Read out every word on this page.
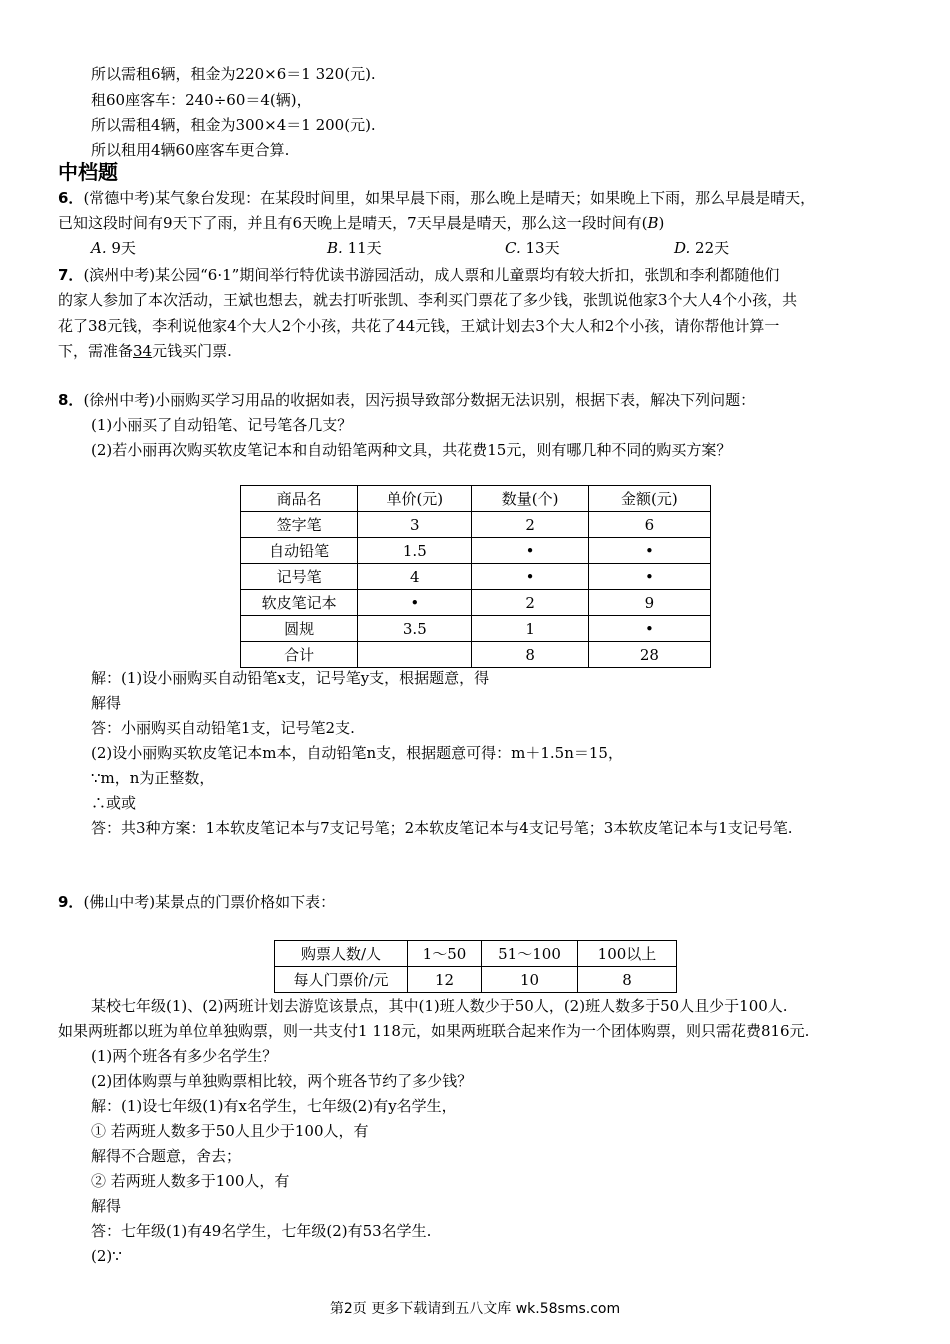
所以需租6辆，租金为220×6＝1 320(元).
租60座客车：240÷60＝4(辆)，
所以需租4辆，租金为300×4＝1 200(元).
所以租用4辆60座客车更合算.
中档题
6．(常德中考)某气象台发现：在某段时间里，如果早晨下雨，那么晚上是晴天；如果晚上下雨，那么早晨是晴天，
已知这段时间有9天下了雨，并且有6天晚上是晴天，7天早晨是晴天，那么这一段时间有(B)
A. 9天	B. 11天	C. 13天	D. 22天
7．(滨州中考)某公园“6·1”期间举行特优读书游园活动，成人票和儿童票均有较大折扣，张凯和李利都随他们
的家人参加了本次活动，王斌也想去，就去打听张凯、李利买门票花了多少钱，张凯说他家3个大人4个小孩，共
花了38元钱，李利说他家4个大人2个小孩，共花了44元钱，王斌计划去3个大人和2个小孩，请你帮他计算一
下，需准备34元钱买门票.
8．(徐州中考)小丽购买学习用品的收据如表，因污损导致部分数据无法识别，根据下表，解决下列问题：
(1)小丽买了自动铅笔、记号笔各几支？
(2)若小丽再次购买软皮笔记本和自动铅笔两种文具，共花费15元，则有哪几种不同的购买方案？
商品名	单价(元)	数量(个)	金额(元)
签字笔	3	2	6
自动铅笔	1.5	•	•
记号笔	4	•	•
软皮笔记本	•	2	9
圆规	3.5	1	•
合计		8	28
解：(1)设小丽购买自动铅笔x支，记号笔y支，根据题意，得
解得
答：小丽购买自动铅笔1支，记号笔2支.
(2)设小丽购买软皮笔记本m本，自动铅笔n支，根据题意可得：m＋1.5n＝15，
∵m，n为正整数，
∴或或
答：共3种方案：1本软皮笔记本与7支记号笔；2本软皮笔记本与4支记号笔；3本软皮笔记本与1支记号笔.
9．(佛山中考)某景点的门票价格如下表：
购票人数/人	1～50	51～100	100以上
每人门票价/元	12	10	8
某校七年级(1)、(2)两班计划去游览该景点，其中(1)班人数少于50人，(2)班人数多于50人且少于100人.
如果两班都以班为单位单独购票，则一共支付1 118元，如果两班联合起来作为一个团体购票，则只需花费816元.
(1)两个班各有多少名学生？
(2)团体购票与单独购票相比较，两个班各节约了多少钱？
解：(1)设七年级(1)有x名学生，七年级(2)有y名学生，
① 若两班人数多于50人且少于100人，有
解得不合题意，舍去；
② 若两班人数多于100人，有
解得
答：七年级(1)有49名学生，七年级(2)有53名学生.
(2)∵
第2页 更多下载请到五八文库 wk.58sms.com
